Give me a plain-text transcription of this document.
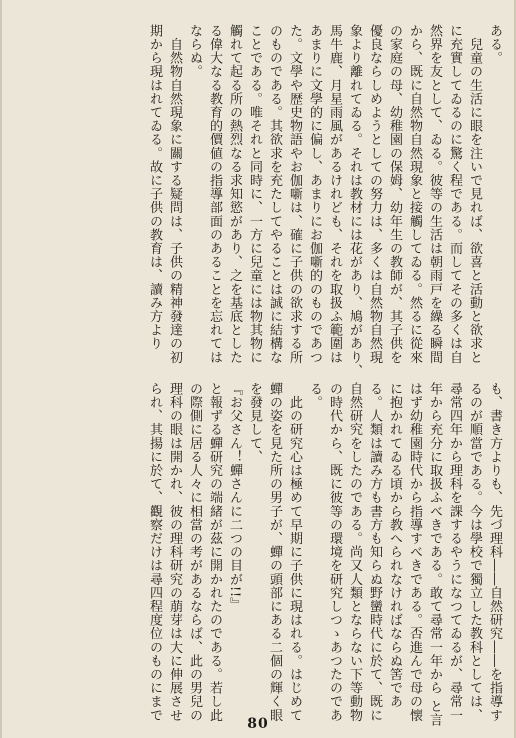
ある。
　兒童の生活に眼を注いで見れば、欲喜と活動と欲求と
に充實してゐるのに驚く程である。而してその多くは自
然界を友として、ゐる。彼等の生活は朝雨戸を繰る瞬間
から、既に自然物自然現象と接觸してゐる。然るに從來
の家庭の母、幼稚園の保姆、幼年生の教師が、其子供を
優良ならしめようとしての努力は、多くは自然物自然現
象より離れてゐる。それは教材には花があり、鳩があり、
馬牛鹿、月星雨風があるけれども、それを取扱ふ範圍は
あまりに文學的に偏し、あまりにお伽噺的のものであつ
た。文學や歴史物語やお伽噺は、確に子供の欲求する所
のものである。其欲求を充たしてやることは誠に結構な
ことである。唯それと同時に、一方に兒童には物其物に
觸れて起る所の熱烈なる求知慾があり、之を基底とした
る偉大なる教育的價値の指導部面のあることを忘れては
ならぬ。
　自然物自然現象に關する疑問は、子供の精神發達の初
期から現はれてゐる。故に子供の教育は、讀み方より
も、書き方よりも、先づ理科――自然研究――を指導す
るのが順當である。今は學校で獨立した教科としては、
尋常四年から理科を課するやうになつてゐるが、尋常一
年から充分に取扱ふべきである。敢て尋常一年から と言
はず幼稚園時代から指導すべきである。否進んで母の懐
に抱かれてゐる頃から教へられなければならぬ筈であ
る。人類は讀み方も書方も知らぬ野蠻時代に於て、既に
自然研究をしたのである。尚又人類とならない下等動物
の時代から、既に彼等の環境を研究しつゝあつたのであ
る。
　此の研究心は極めて早期に子供に現はれる。はじめて
蟬の姿を見た所の男子が、蟬の頭部にある二個の輝く眼
を發見して、
『お父さん！蟬さんに二つの目が!!』
と報ずる蟬研究の端緒が茲に開かれたのである。若し此
の際側に居る人々に相當の考があるならば、此の男兒の
理科の眼は開かれ、彼の理科研究の萠芽は大に伸展させ
られ、其揚に於て、觀察だけは尋四程度位のものにまで
80
